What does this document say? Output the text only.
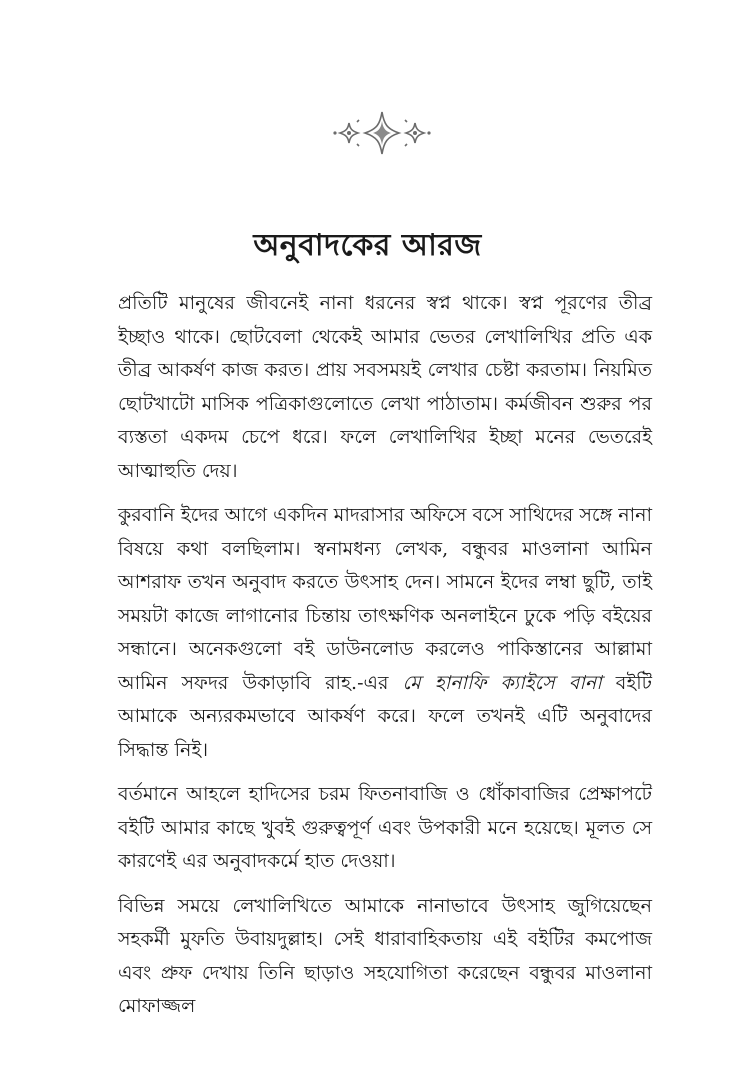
অনুবাদকের আরজ

প্রতিটি মানুষের জীবনেই নানা ধরনের স্বপ্ন থাকে। স্বপ্ন পূরণের তীব্র ইচ্ছাও থাকে। ছোটবেলা থেকেই আমার ভেতর লেখালিখির প্রতি এক তীব্র আকর্ষণ কাজ করত। প্রায় সবসময়ই লেখার চেষ্টা করতাম। নিয়মিত ছোটখাটো মাসিক পত্রিকাগুলোতে লেখা পাঠাতাম। কর্মজীবন শুরুর পর ব্যস্ততা একদম চেপে ধরে। ফলে লেখালিখির ইচ্ছা মনের ভেতরেই আত্মাহুতি দেয়।

কুরবানি ইদের আগে একদিন মাদরাসার অফিসে বসে সাথিদের সঙ্গে নানা বিষয়ে কথা বলছিলাম। স্বনামধন্য লেখক, বন্ধুবর মাওলানা আমিন আশরাফ তখন অনুবাদ করতে উৎসাহ দেন। সামনে ইদের লম্বা ছুটি, তাই সময়টা কাজে লাগানোর চিন্তায় তাৎক্ষণিক অনলাইনে ঢুকে পড়ি বইয়ের সন্ধানে। অনেকগুলো বই ডাউনলোড করলেও পাকিস্তানের আল্লামা আমিন সফদর উকাড়াবি রাহ.-এর মে হানাফি ক্যাইসে বানা বইটি আমাকে অন্যরকমভাবে আকর্ষণ করে। ফলে তখনই এটি অনুবাদের সিদ্ধান্ত নিই।

বর্তমানে আহলে হাদিসের চরম ফিতনাবাজি ও ধোঁকাবাজির প্রেক্ষাপটে বইটি আমার কাছে খুবই গুরুত্বপূর্ণ এবং উপকারী মনে হয়েছে। মূলত সে কারণেই এর অনুবাদকর্মে হাত দেওয়া।

বিভিন্ন সময়ে লেখালিখিতে আমাকে নানাভাবে উৎসাহ জুগিয়েছেন সহকর্মী মুফতি উবায়দুল্লাহ। সেই ধারাবাহিকতায় এই বইটির কমপোজ এবং প্রুফ দেখায় তিনি ছাড়াও সহযোগিতা করেছেন বন্ধুবর মাওলানা মোফাজ্জল
